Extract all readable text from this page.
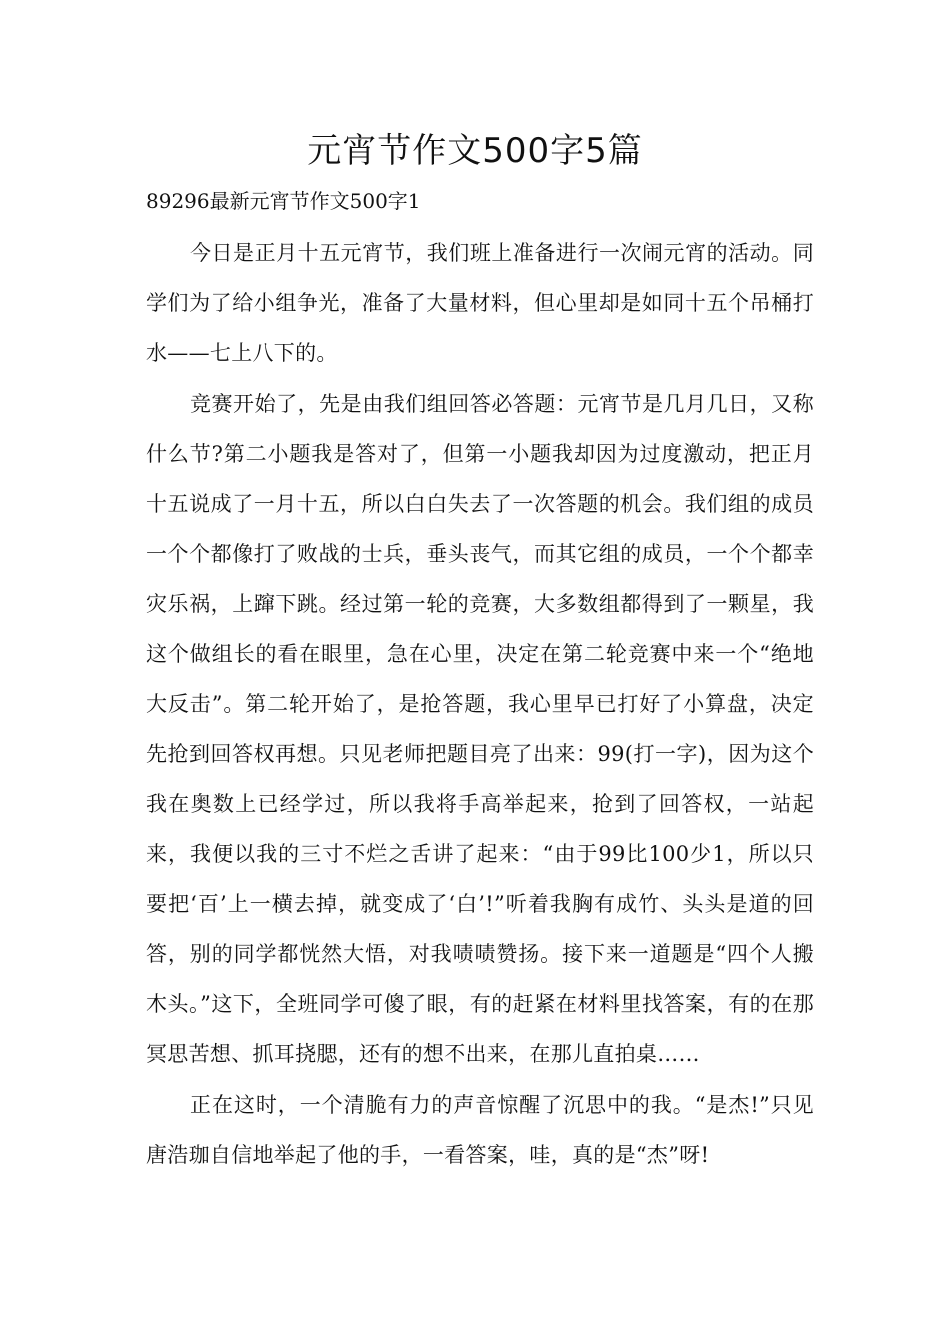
元宵节作文500字5篇

89296最新元宵节作文500字1

今日是正月十五元宵节，我们班上准备进行一次闹元宵的活动。同学们为了给小组争光，准备了大量材料，但心里却是如同十五个吊桶打水——七上八下的。

竞赛开始了，先是由我们组回答必答题：元宵节是几月几日，又称什么节?第二小题我是答对了，但第一小题我却因为过度激动，把正月十五说成了一月十五，所以白白失去了一次答题的机会。我们组的成员一个个都像打了败战的士兵，垂头丧气，而其它组的成员，一个个都幸灾乐祸，上蹿下跳。经过第一轮的竞赛，大多数组都得到了一颗星，我这个做组长的看在眼里，急在心里，决定在第二轮竞赛中来一个“绝地大反击”。第二轮开始了，是抢答题，我心里早已打好了小算盘，决定先抢到回答权再想。只见老师把题目亮了出来：99(打一字)，因为这个我在奥数上已经学过，所以我将手高举起来，抢到了回答权，一站起来，我便以我的三寸不烂之舌讲了起来：“由于99比100少1，所以只要把‘百’上一横去掉，就变成了‘白’!”听着我胸有成竹、头头是道的回答，别的同学都恍然大悟，对我啧啧赞扬。接下来一道题是“四个人搬木头。”这下，全班同学可傻了眼，有的赶紧在材料里找答案，有的在那冥思苦想、抓耳挠腮，还有的想不出来，在那儿直拍桌……

正在这时，一个清脆有力的声音惊醒了沉思中的我。“是杰!”只见唐浩珈自信地举起了他的手，一看答案，哇，真的是“杰”呀!
